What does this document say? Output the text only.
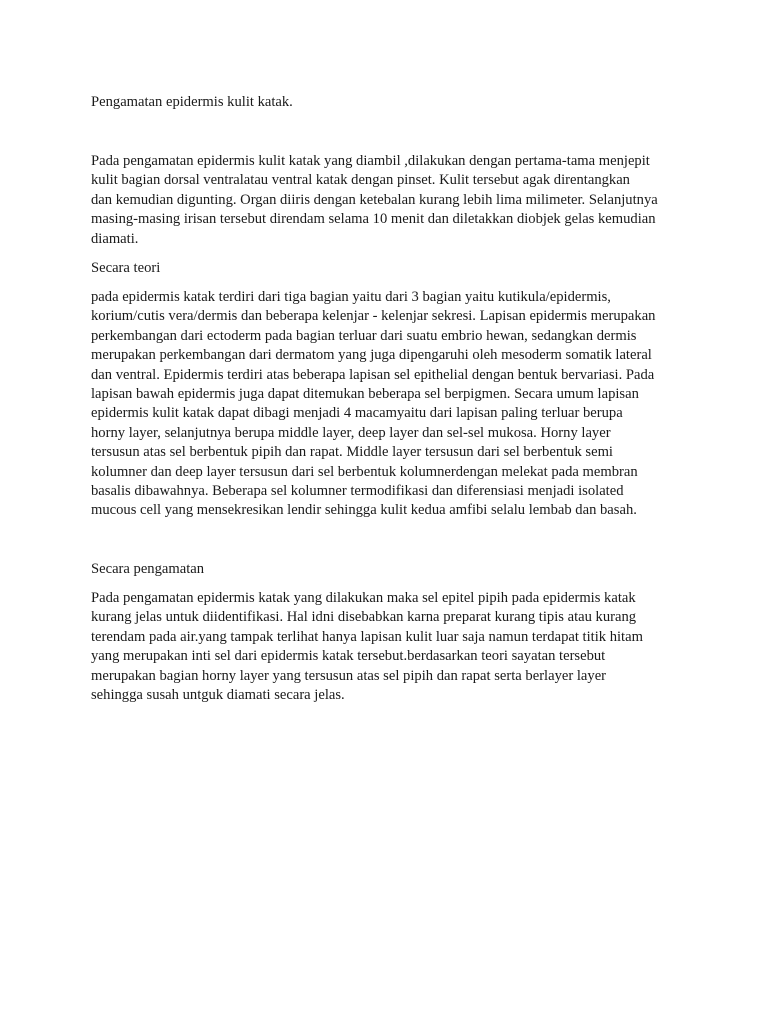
Pengamatan epidermis kulit katak.

Pada pengamatan epidermis kulit katak yang diambil ,dilakukan dengan pertama-tama menjepit
kulit bagian dorsal ventralatau ventral katak dengan pinset. Kulit tersebut agak direntangkan
dan kemudian digunting. Organ diiris dengan ketebalan kurang lebih lima milimeter. Selanjutnya
masing-masing irisan tersebut direndam selama 10 menit dan diletakkan diobjek gelas kemudian
diamati.

Secara teori

pada epidermis katak terdiri dari tiga bagian yaitu dari 3 bagian yaitu kutikula/epidermis,
korium/cutis vera/dermis dan beberapa kelenjar - kelenjar sekresi. Lapisan epidermis merupakan
perkembangan dari ectoderm pada bagian terluar dari suatu embrio hewan, sedangkan dermis
merupakan perkembangan dari dermatom yang juga dipengaruhi oleh mesoderm somatik lateral
dan ventral. Epidermis terdiri atas beberapa lapisan sel epithelial dengan bentuk bervariasi. Pada
lapisan bawah epidermis juga dapat ditemukan beberapa sel berpigmen. Secara umum lapisan
epidermis kulit katak dapat dibagi menjadi 4 macamyaitu dari lapisan paling terluar berupa
horny layer, selanjutnya berupa middle layer, deep layer dan sel-sel mukosa. Horny layer
tersusun atas sel berbentuk pipih dan rapat. Middle layer tersusun dari sel berbentuk semi
kolumner dan deep layer tersusun dari sel berbentuk kolumnerdengan melekat pada membran
basalis dibawahnya. Beberapa sel kolumner termodifikasi dan diferensiasi menjadi isolated
mucous cell yang mensekresikan lendir sehingga kulit kedua amfibi selalu lembab dan basah.

Secara pengamatan

Pada pengamatan epidermis katak yang dilakukan maka sel epitel pipih pada epidermis katak
kurang jelas untuk diidentifikasi. Hal idni disebabkan karna preparat kurang tipis atau kurang
terendam pada air.yang tampak terlihat hanya lapisan kulit luar saja namun terdapat titik hitam
yang merupakan inti sel dari epidermis katak tersebut.berdasarkan teori sayatan tersebut
merupakan bagian horny layer yang tersusun atas sel pipih dan rapat serta berlayer layer
sehingga susah untguk diamati secara jelas.
